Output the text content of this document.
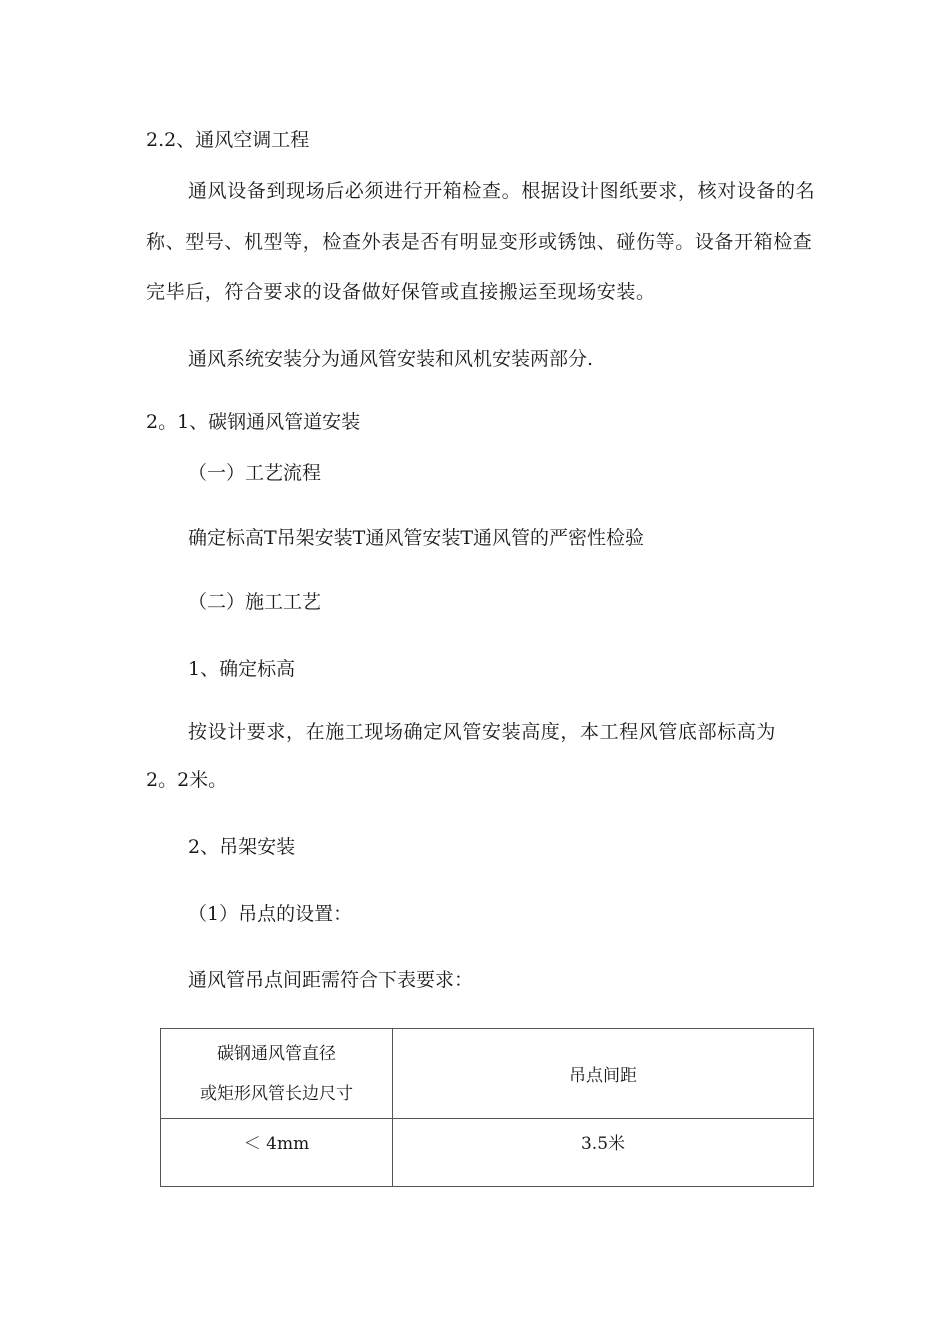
2.2、通风空调工程
通风设备到现场后必须进行开箱检查。根据设计图纸要求，核对设备的名
称、型号、机型等，检查外表是否有明显变形或锈蚀、碰伤等。设备开箱检查
完毕后，符合要求的设备做好保管或直接搬运至现场安装。
通风系统安装分为通风管安装和风机安装两部分.
2。1、碳钢通风管道安装
（一）工艺流程
确定标高T吊架安装T通风管安装T通风管的严密性检验
（二）施工工艺
1、确定标高
按设计要求，在施工现场确定风管安装高度，本工程风管底部标高为
2。2米。
2、吊架安装
（1）吊点的设置：
通风管吊点间距需符合下表要求：
碳钢通风管直径
或矩形风管长边尺寸	吊点间距
＜ 4mm	3.5米
